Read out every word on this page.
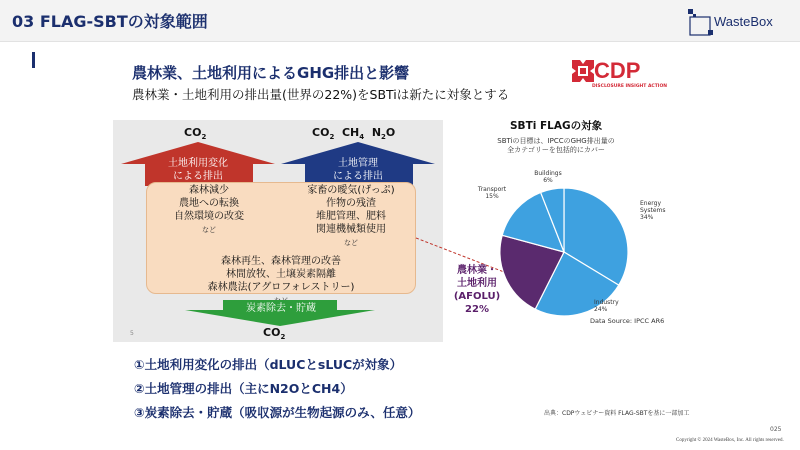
03 FLAG-SBTの対象範囲	WasteBox
農林業、土地利用によるGHG排出と影響
農林業・土地利用の排出量(世界の22%)をSBTiは新たに対象とする
CDP
DISCLOSURE INSIGHT ACTION
$CO_2$	$CO_2$ $CH_4$ $N_2O$
土地利用変化
による排出
土地管理
による排出
森林減少
農地への転換
自然環境の改変
など
家畜の曖気(げっぷ)
作物の残渣
堆肥管理、肥料
関連機械類使用
など
森林再生、森林管理の改善
林間放牧、土壌炭素隔離
森林農法(アグロフォレストリー)

炭素除去・貯蔵
$CO_2$
5
SBTi FLAGの対象
SBTiの目標は、IPCCのGHG排出量の
全カテゴリーを包括的にカバー
Buildings
6%
Transport
15%
Energy
Systems
34%
Industry
24%
農林業・
土地利用
(AFOLU)
22%
Data Source: IPCC AR6
①土地利用変化の排出（dLUCとsLUCが対象）
②土地管理の排出（主にN2OとCH4）
③炭素除去・貯蔵（吸収源が生物起源のみ、任意）	出典：CDPウェビナー資料 FLAG-SBTを基に一部加工
025
Copyright © 2024 WasteBox, Inc. All rights reserved.
